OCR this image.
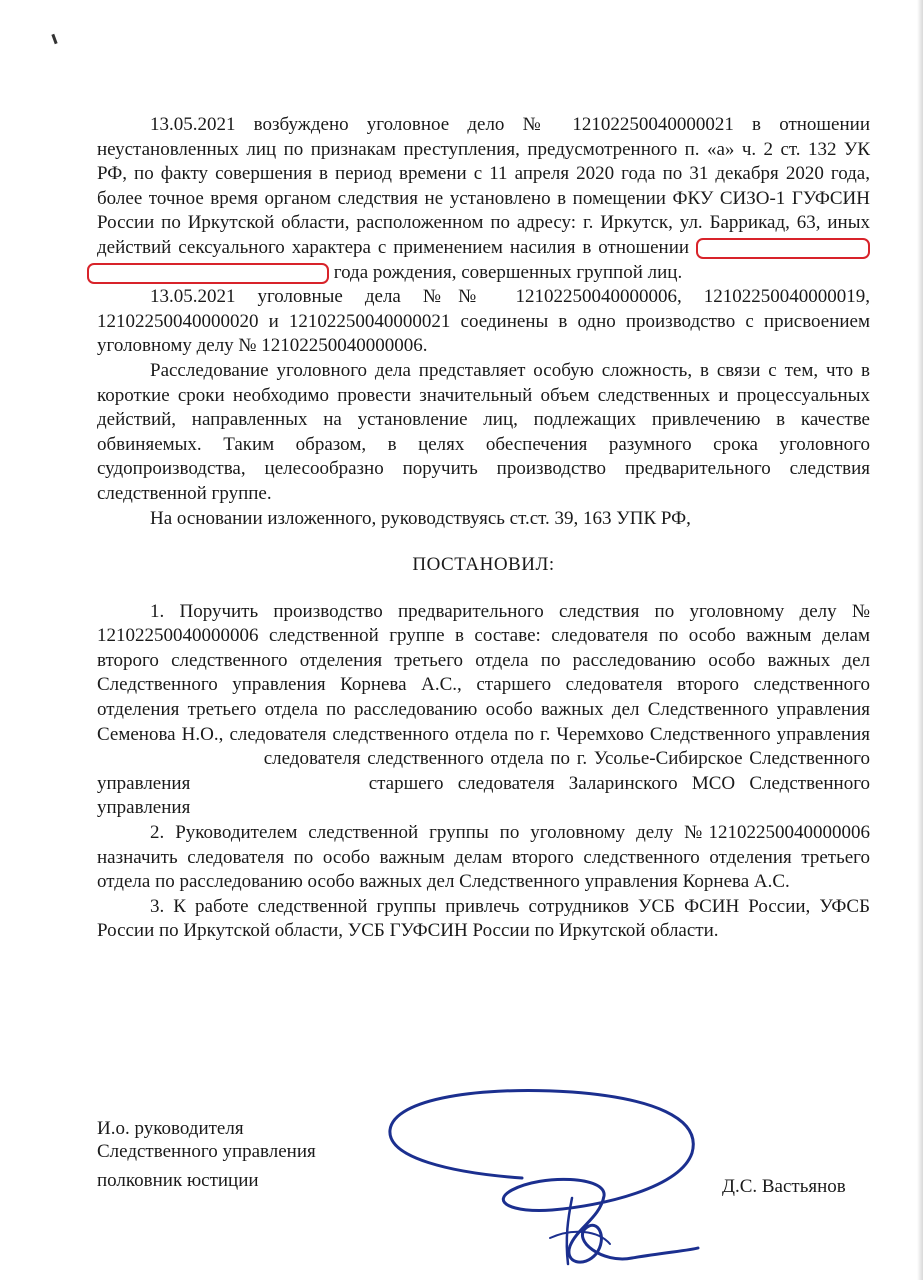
13.05.2021 возбуждено уголовное дело № 12102250040000021 в отношении неустановленных лиц по признакам преступления, предусмотренного п. «а» ч. 2 ст. 132 УК РФ, по факту совершения в период времени с 11 апреля 2020 года по 31 декабря 2020 года, более точное время органом следствия не установлено в помещении ФКУ СИЗО-1 ГУФСИН России по Иркутской области, расположенном по адресу: г. Иркутск, ул. Баррикад, 63, иных действий сексуального характера с применением насилия в отношении   года рождения, совершенных группой лиц.

13.05.2021 уголовные дела №№ 12102250040000006, 12102250040000019, 12102250040000020 и 12102250040000021 соединены в одно производство с присвоением уголовному делу № 12102250040000006.

Расследование уголовного дела представляет особую сложность, в связи с тем, что в короткие сроки необходимо провести значительный объем следственных и процессуальных действий, направленных на установление лиц, подлежащих привлечению в качестве обвиняемых. Таким образом, в целях обеспечения разумного срока уголовного судопроизводства, целесообразно поручить производство предварительного следствия следственной группе.

На основании изложенного, руководствуясь ст.ст. 39, 163 УПК РФ,

ПОСТАНОВИЛ:

1. Поручить производство предварительного следствия по уголовному делу № 12102250040000006 следственной группе в составе: следователя по особо важным делам второго следственного отделения третьего отдела по расследованию особо важных дел Следственного управления Корнева А.С., старшего следователя второго следственного отделения третьего отдела по расследованию особо важных дел Следственного управления Семенова Н.О., следователя следственного отдела по г. Черемхово Следственного управления  следователя следственного отдела по г. Усолье-Сибирское Следственного управления	старшего следователя Заларинского МСО Следственного управления

2. Руководителем следственной группы по уголовному делу №12102250040000006 назначить следователя по особо важным делам второго следственного отделения третьего отдела по расследованию особо важных дел Следственного управления Корнева А.С.

3. К работе следственной группы привлечь сотрудников УСБ ФСИН России, УФСБ России по Иркутской области, УСБ ГУФСИН России по Иркутской области.

И.о. руководителя
Следственного управления
полковник юстиции	Д.С. Вастьянов
